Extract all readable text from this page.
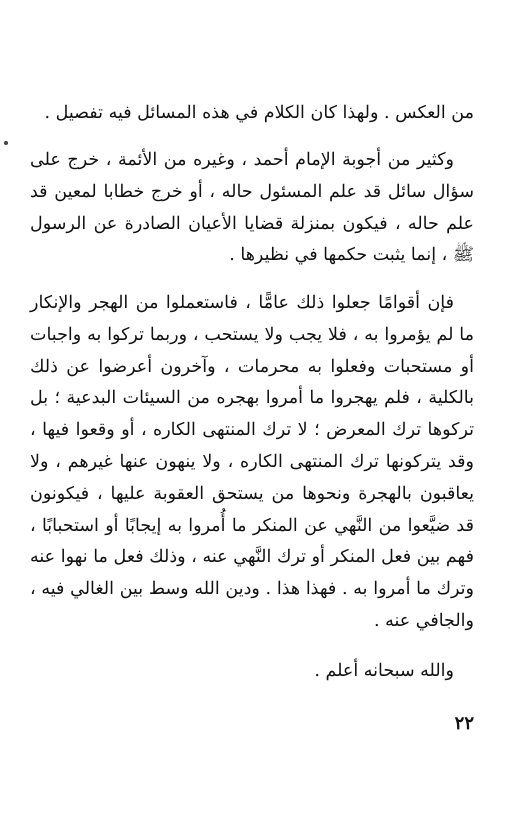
من العكس . ولهذا كان الكلام في هذه المسائل فيه تفصيل .

وكثير من أجوبة الإمام أحمد ، وغيره من الأئمة ، خرج على سؤال سائل قد علم المسئول حاله ، أو خرج خطابا لمعين قد علم حاله ، فيكون بمنزلة قضايا الأعيان الصادرة عن الرسول ﷺ ، إنما يثبت حكمها في نظيرها .

فإن أقوامًا جعلوا ذلك عامًّا ، فاستعملوا من الهجر والإنكار ما لم يؤمروا به ، فلا يجب ولا يستحب ، وربما تركوا به واجبات أو مستحبات وفعلوا به محرمات ، وآخرون أعرضوا عن ذلك بالكلية ، فلم يهجروا ما أمروا بهجره من السيئات البدعية ؛ بل تركوها ترك المعرض ؛ لا ترك المنتهى الكاره ، أو وقعوا فيها ، وقد يتركونها ترك المنتهى الكاره ، ولا ينهون عنها غيرهم ، ولا يعاقبون بالهجرة ونحوها من يستحق العقوبة عليها ، فيكونون قد ضيَّعوا من النَّهي عن المنكر ما أُمروا به إيجابًا أو استحبابًا ، فهم بين فعل المنكر أو ترك النَّهي عنه ، وذلك فعل ما نهوا عنه وترك ما أمروا به . فهذا هذا . ودين الله وسط بين الغالي فيه ، والجافي عنه .

والله سبحانه أعلم .

٢٢
